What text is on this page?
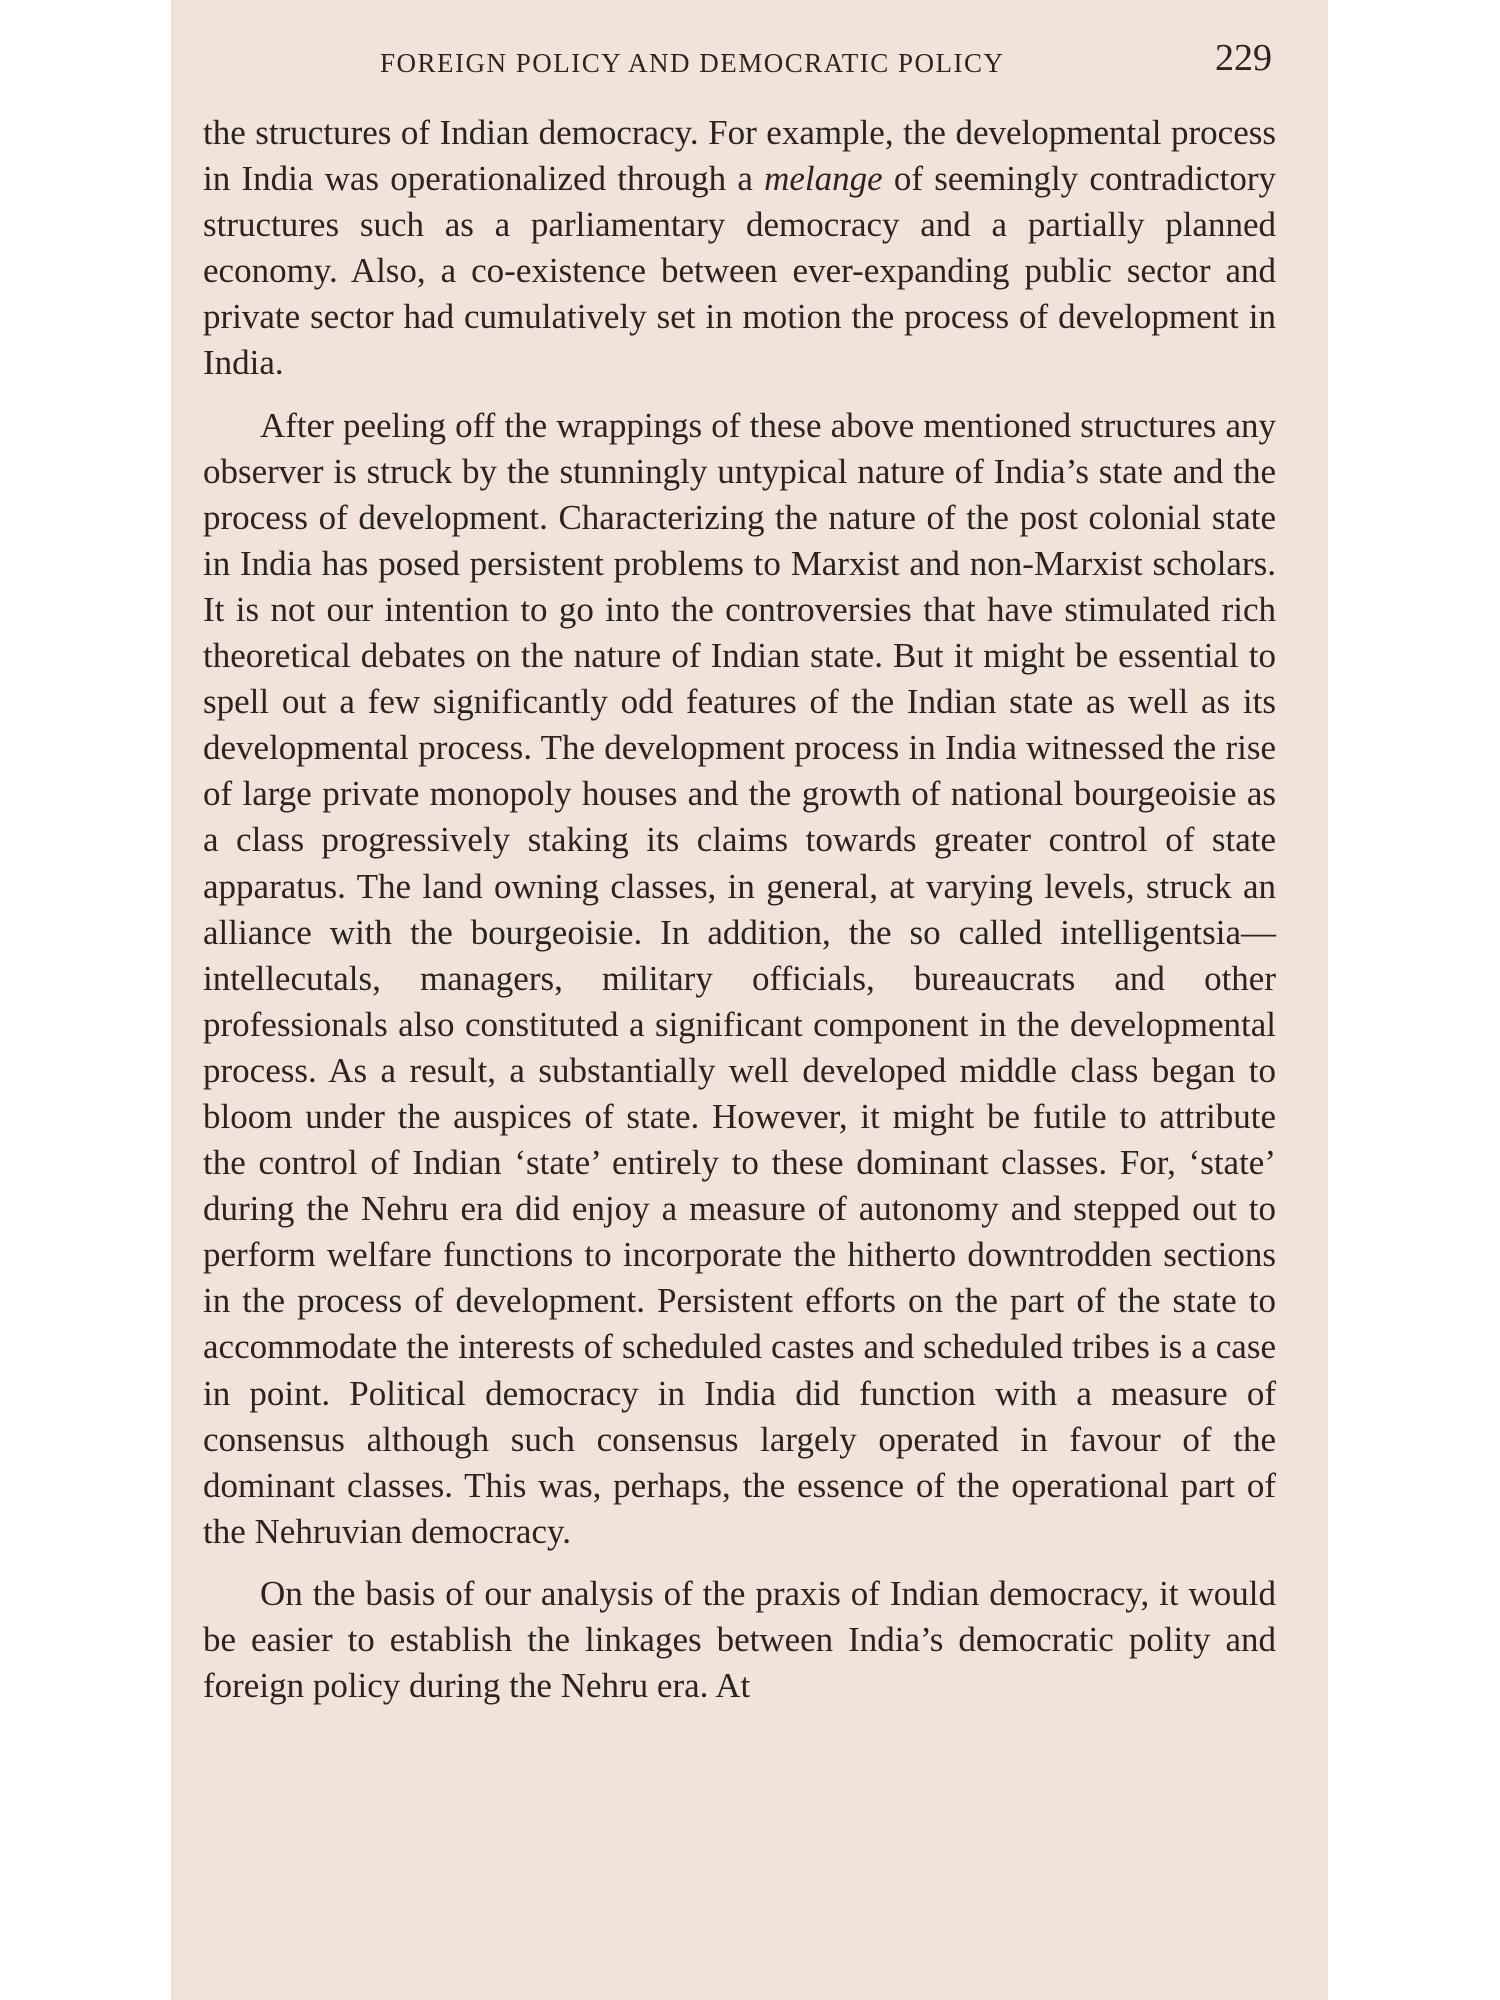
FOREIGN POLICY AND DEMOCRATIC POLICY	229

the structures of Indian democracy. For example, the developmental process in India was operationalized through a melange of seemingly contradictory structures such as a parliamentary democracy and a partially planned economy. Also, a co-existence between ever-expanding public sector and private sector had cumulatively set in motion the process of development in India.

After peeling off the wrappings of these above mentioned structures any observer is struck by the stunningly untypical nature of India’s state and the process of development. Characterizing the nature of the post colonial state in India has posed persistent problems to Marxist and non-Marxist scholars. It is not our intention to go into the controversies that have stimulated rich theoretical debates on the nature of Indian state. But it might be essential to spell out a few significantly odd features of the Indian state as well as its developmental process. The development process in India witnessed the rise of large private monopoly houses and the growth of national bourgeoisie as a class progressively staking its claims towards greater control of state apparatus. The land owning classes, in general, at varying levels, struck an alliance with the bourgeoisie. In addition, the so called intelligentsia—intellecutals, managers, military officials, bureaucrats and other professionals also constituted a significant component in the developmental process. As a result, a substantially well developed middle class began to bloom under the auspices of state. However, it might be futile to attribute the control of Indian ‘state’ entirely to these dominant classes. For, ‘state’ during the Nehru era did enjoy a measure of autonomy and stepped out to perform welfare functions to incorporate the hitherto downtrodden sections in the process of development. Persistent efforts on the part of the state to accommodate the interests of scheduled castes and scheduled tribes is a case in point. Political democracy in India did function with a measure of consensus although such consensus largely operated in favour of the dominant classes. This was, perhaps, the essence of the operational part of the Nehruvian democracy.

On the basis of our analysis of the praxis of Indian democracy, it would be easier to establish the linkages between India’s democratic polity and foreign policy during the Nehru era. At
